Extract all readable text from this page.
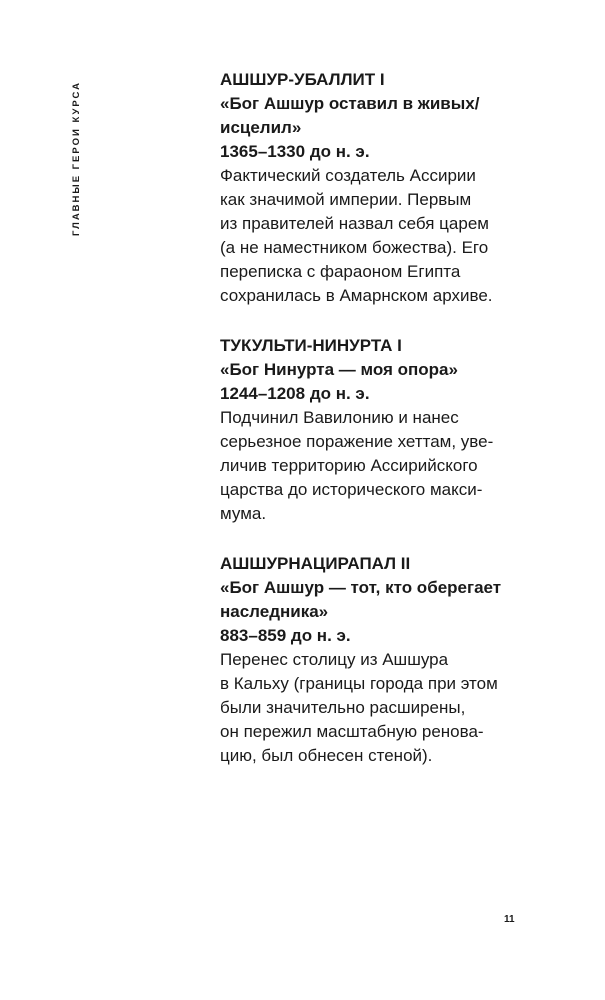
ГЛАВНЫЕ ГЕРОИ КУРСА
АШШУР-УБАЛЛИТ I
«Бог Ашшур оставил в живых/
исцелил»
1365–1330 до н. э.
Фактический создатель Ассирии
как значимой империи. Первым
из правителей назвал себя царем
(а не наместником божества). Его
переписка с фараоном Египта
сохранилась в Амарнском архиве.
ТУКУЛЬТИ-НИНУРТА I
«Бог Нинурта — моя опора»
1244–1208 до н. э.
Подчинил Вавилонию и нанес
серьезное поражение хеттам, уве-
личив территорию Ассирийского
царства до исторического макси-
мума.
АШШУРНАЦИРАПАЛ II
«Бог Ашшур — тот, кто оберегает
наследника»
883–859 до н. э.
Перенес столицу из Ашшура
в Кальху (границы города при этом
были значительно расширены,
он пережил масштабную ренова-
цию, был обнесен стеной).
11
